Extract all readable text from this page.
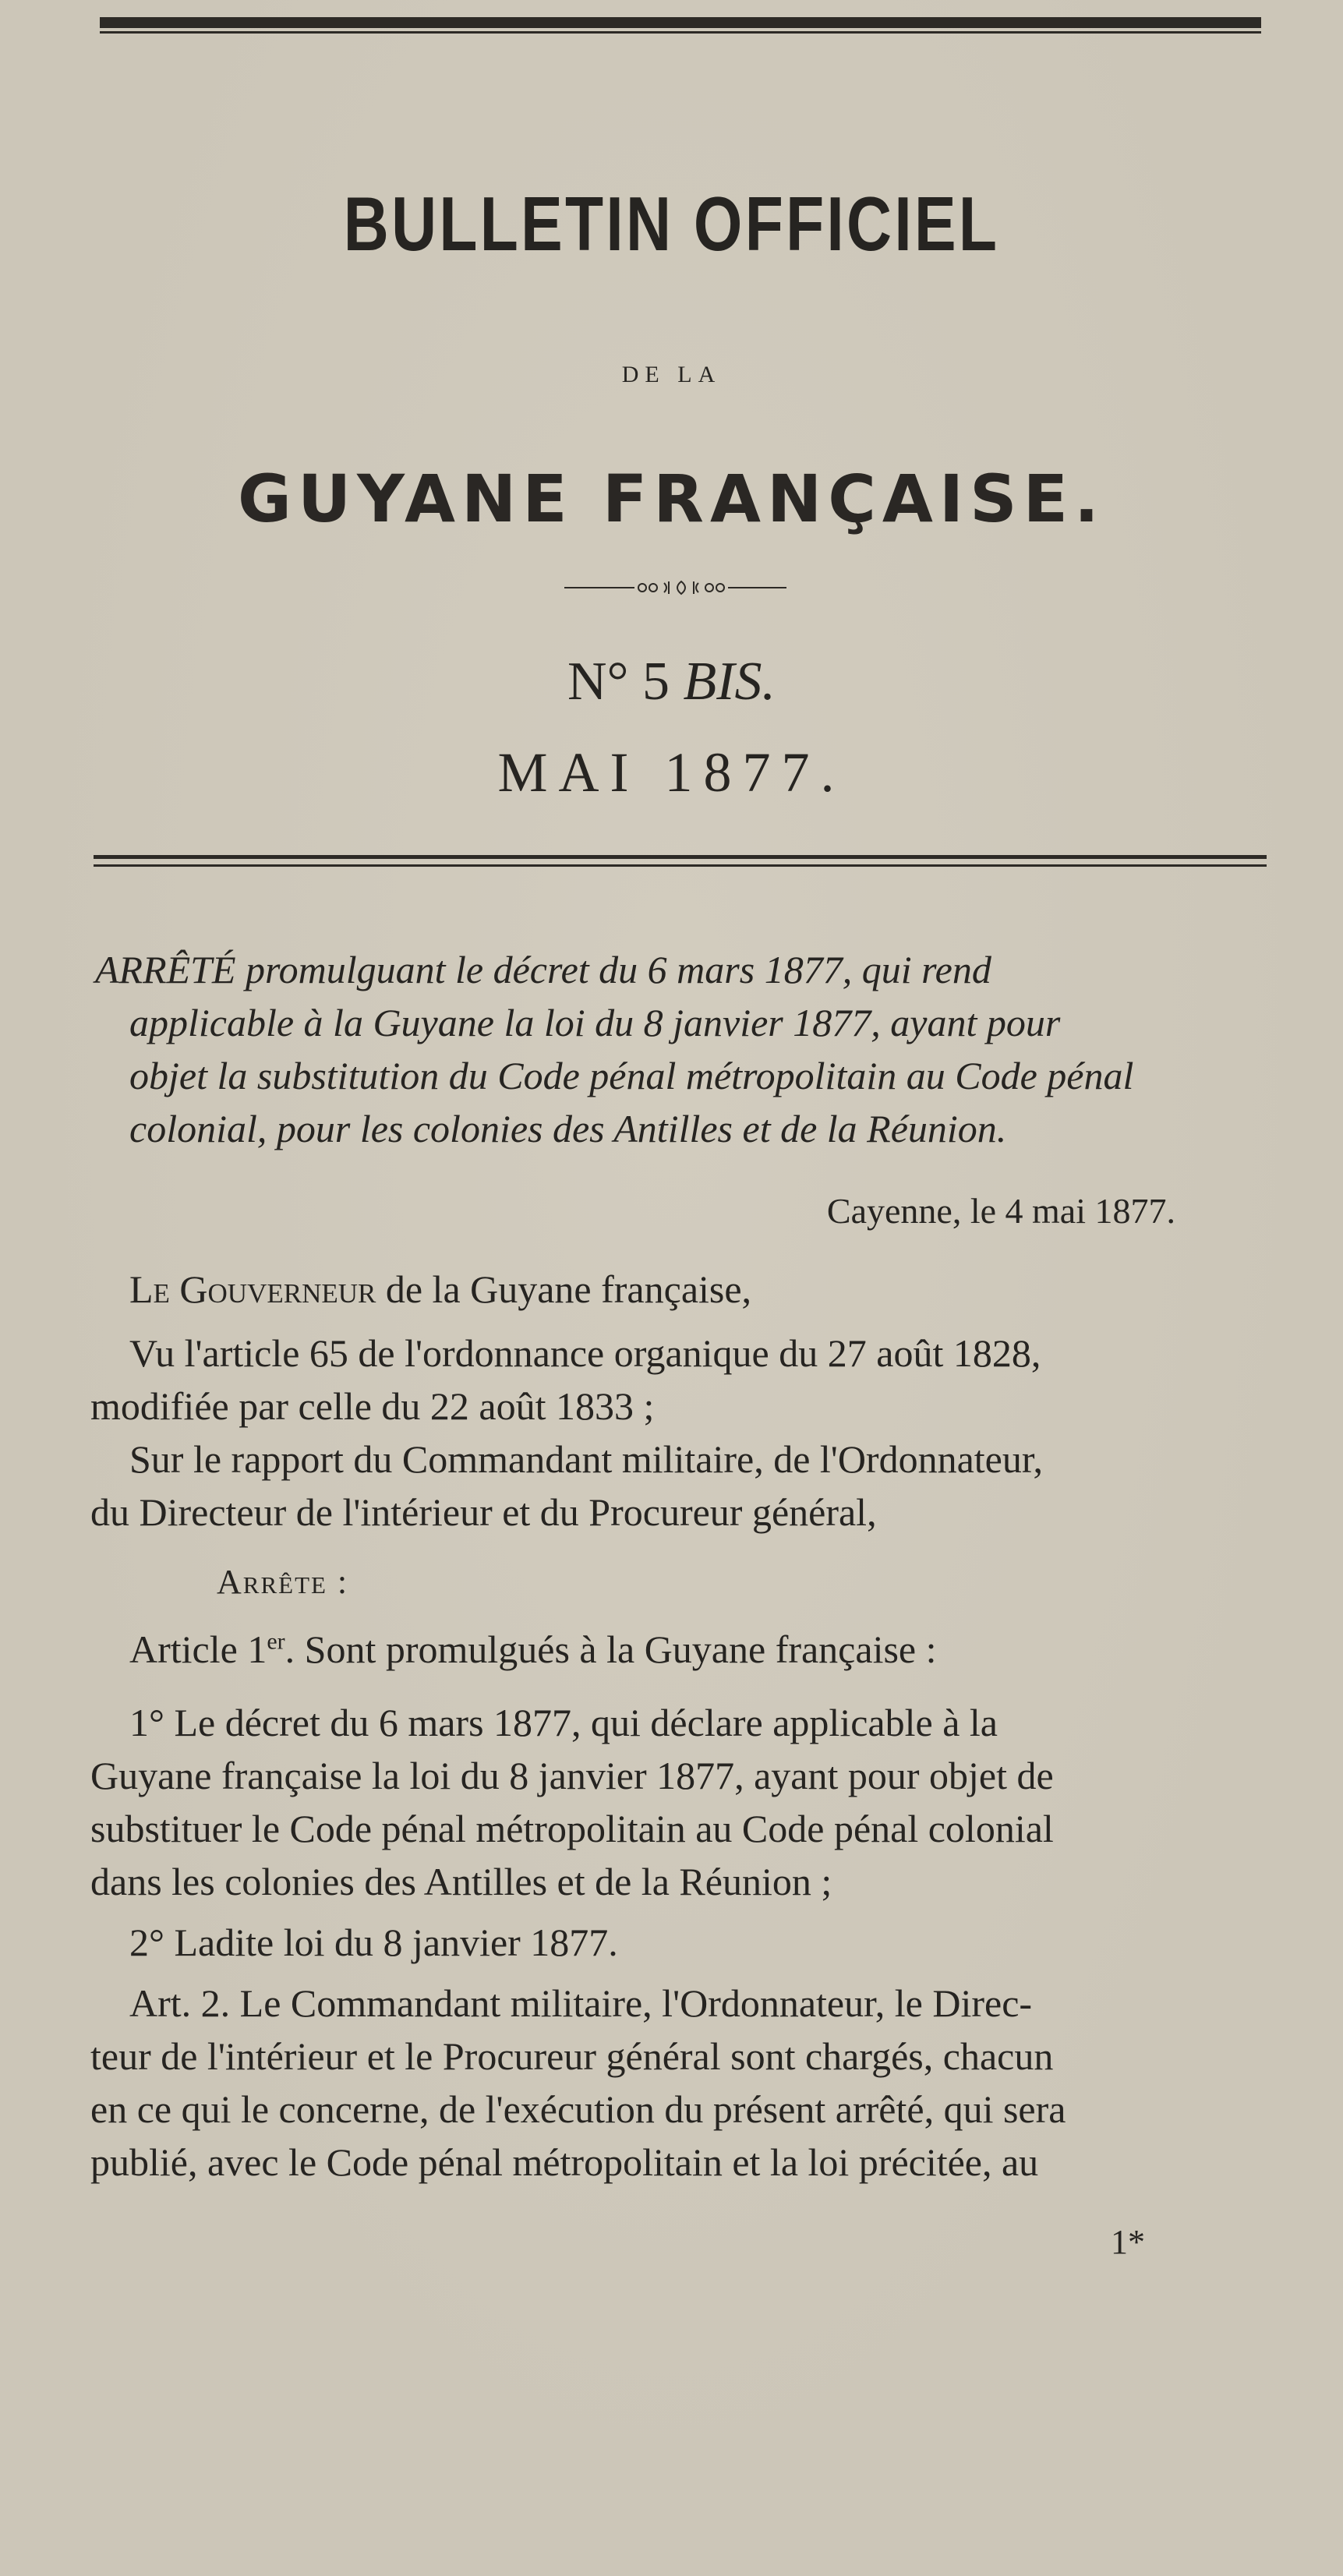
BULLETIN OFFICIEL
DE LA
GUYANE FRANÇAISE.
N° 5 BIS.
MAI 1877.
ARRÊTÉ promulguant le décret du 6 mars 1877, qui rend
applicable à la Guyane la loi du 8 janvier 1877, ayant pour
objet la substitution du Code pénal métropolitain au Code pénal
colonial, pour les colonies des Antilles et de la Réunion.
Cayenne, le 4 mai 1877.
Le Gouverneur de la Guyane française,
Vu l'article 65 de l'ordonnance organique du 27 août 1828,
modifiée par celle du 22 août 1833 ;
Sur le rapport du Commandant militaire, de l'Ordonnateur,
du Directeur de l'intérieur et du Procureur général,
Arrête :
Article 1er. Sont promulgués à la Guyane française :
1° Le décret du 6 mars 1877, qui déclare applicable à la
Guyane française la loi du 8 janvier 1877, ayant pour objet de
substituer le Code pénal métropolitain au Code pénal colonial
dans les colonies des Antilles et de la Réunion ;
2° Ladite loi du 8 janvier 1877.
Art. 2. Le Commandant militaire, l'Ordonnateur, le Direc-
teur de l'intérieur et le Procureur général sont chargés, chacun
en ce qui le concerne, de l'exécution du présent arrêté, qui sera
publié, avec le Code pénal métropolitain et la loi précitée, au
1*
